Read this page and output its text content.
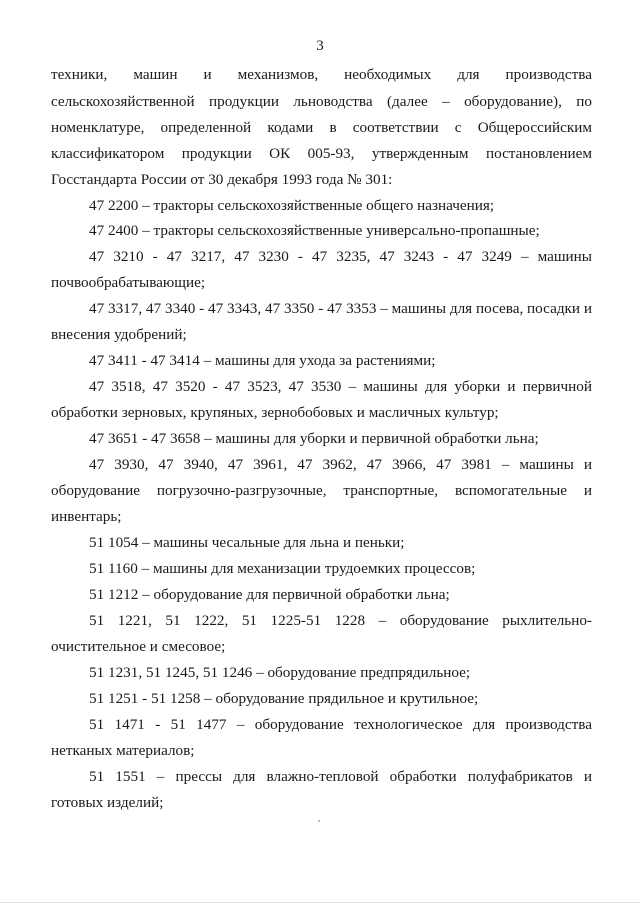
3
техники, машин и механизмов, необходимых для производства
сельскохозяйственной продукции льноводства (далее – оборудование), по
номенклатуре, определенной кодами в соответствии с Общероссийским
классификатором продукции ОК 005-93, утвержденным постановлением
Госстандарта России от 30 декабря 1993 года № 301:
47 2200 – тракторы сельскохозяйственные общего назначения;
47 2400 – тракторы сельскохозяйственные универсально-пропашные;
47 3210 - 47 3217, 47 3230 - 47 3235, 47 3243 - 47 3249 – машины
почвообрабатывающие;
47 3317, 47 3340 - 47 3343, 47 3350 - 47 3353 – машины для посева, посадки и
внесения удобрений;
47 3411 - 47 3414 – машины для ухода за растениями;
47 3518, 47 3520 - 47 3523, 47 3530 – машины для уборки и первичной
обработки зерновых, крупяных, зернобобовых и масличных культур;
47 3651 - 47 3658 – машины для уборки и первичной обработки льна;
47 3930, 47 3940, 47 3961, 47 3962, 47 3966, 47 3981 – машины и
оборудование погрузочно-разгрузочные, транспортные, вспомогательные и
инвентарь;
51 1054 – машины чесальные для льна и пеньки;
51 1160 – машины для механизации трудоемких процессов;
51 1212 – оборудование для первичной обработки льна;
51 1221, 51 1222, 51 1225-51 1228 – оборудование рыхлительно-
очистительное и смесовое;
51 1231, 51 1245, 51 1246 – оборудование предпрядильное;
51 1251 - 51 1258 – оборудование прядильное и крутильное;
51 1471 - 51 1477 – оборудование технологическое для производства
нетканых материалов;
51 1551 – прессы для влажно-тепловой обработки полуфабрикатов и
готовых изделий;
